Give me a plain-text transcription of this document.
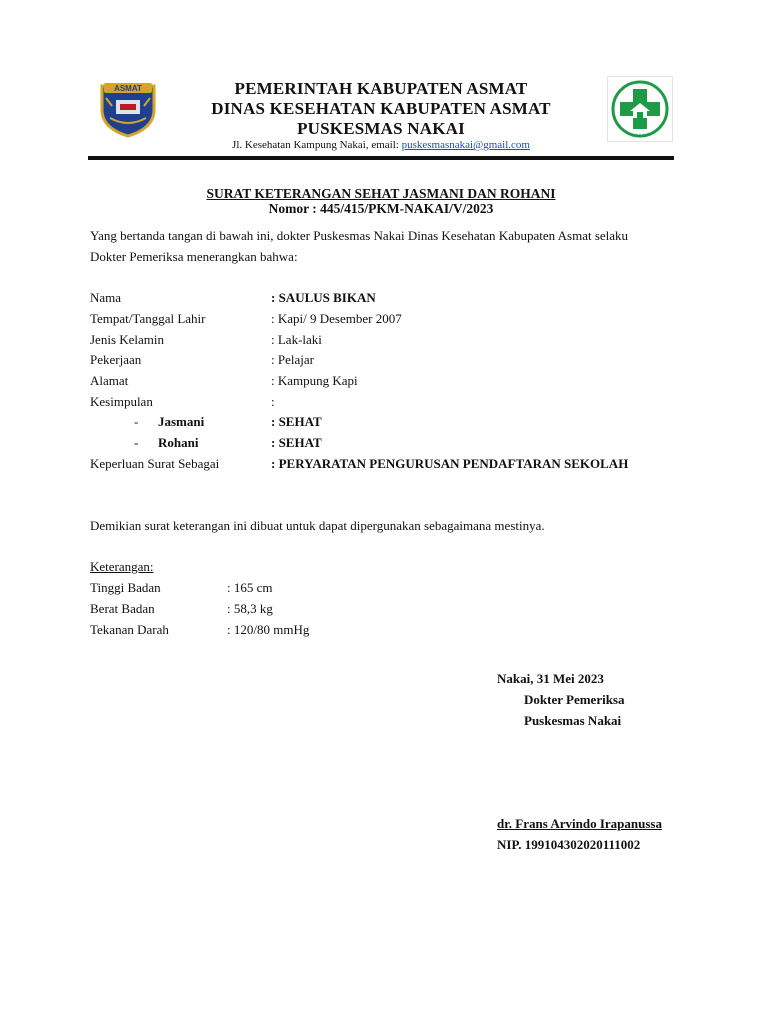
ASMAT	PEMERINTAH KABUPATEN ASMAT
DINAS KESEHATAN KABUPATEN ASMAT
PUSKESMAS NAKAI
Jl. Kesehatan Kampung Nakai, email: puskesmasnakai@gmail.com
SURAT KETERANGAN SEHAT JASMANI DAN ROHANI
Nomor : 445/415/PKM-NAKAI/V/2023
Yang bertanda tangan di bawah ini, dokter Puskesmas Nakai Dinas Kesehatan Kabupaten Asmat selaku
Dokter Pemeriksa menerangkan bahwa:
Nama	: SAULUS BIKAN
Tempat/Tanggal Lahir	: Kapi/ 9 Desember 2007
Jenis Kelamin	: Lak-laki
Pekerjaan	: Pelajar
Alamat	: Kampung Kapi
Kesimpulan	:
- Jasmani	: SEHAT
- Rohani	: SEHAT
Keperluan Surat Sebagai	: PERYARATAN PENGURUSAN PENDAFTARAN SEKOLAH
Demikian surat keterangan ini dibuat untuk dapat dipergunakan sebagaimana mestinya.
Keterangan:
Tinggi Badan	: 165 cm
Berat Badan	: 58,3 kg
Tekanan Darah	: 120/80 mmHg
Nakai, 31 Mei 2023
Dokter Pemeriksa
Puskesmas Nakai
dr. Frans Arvindo Irapanussa
NIP. 199104302020111002
